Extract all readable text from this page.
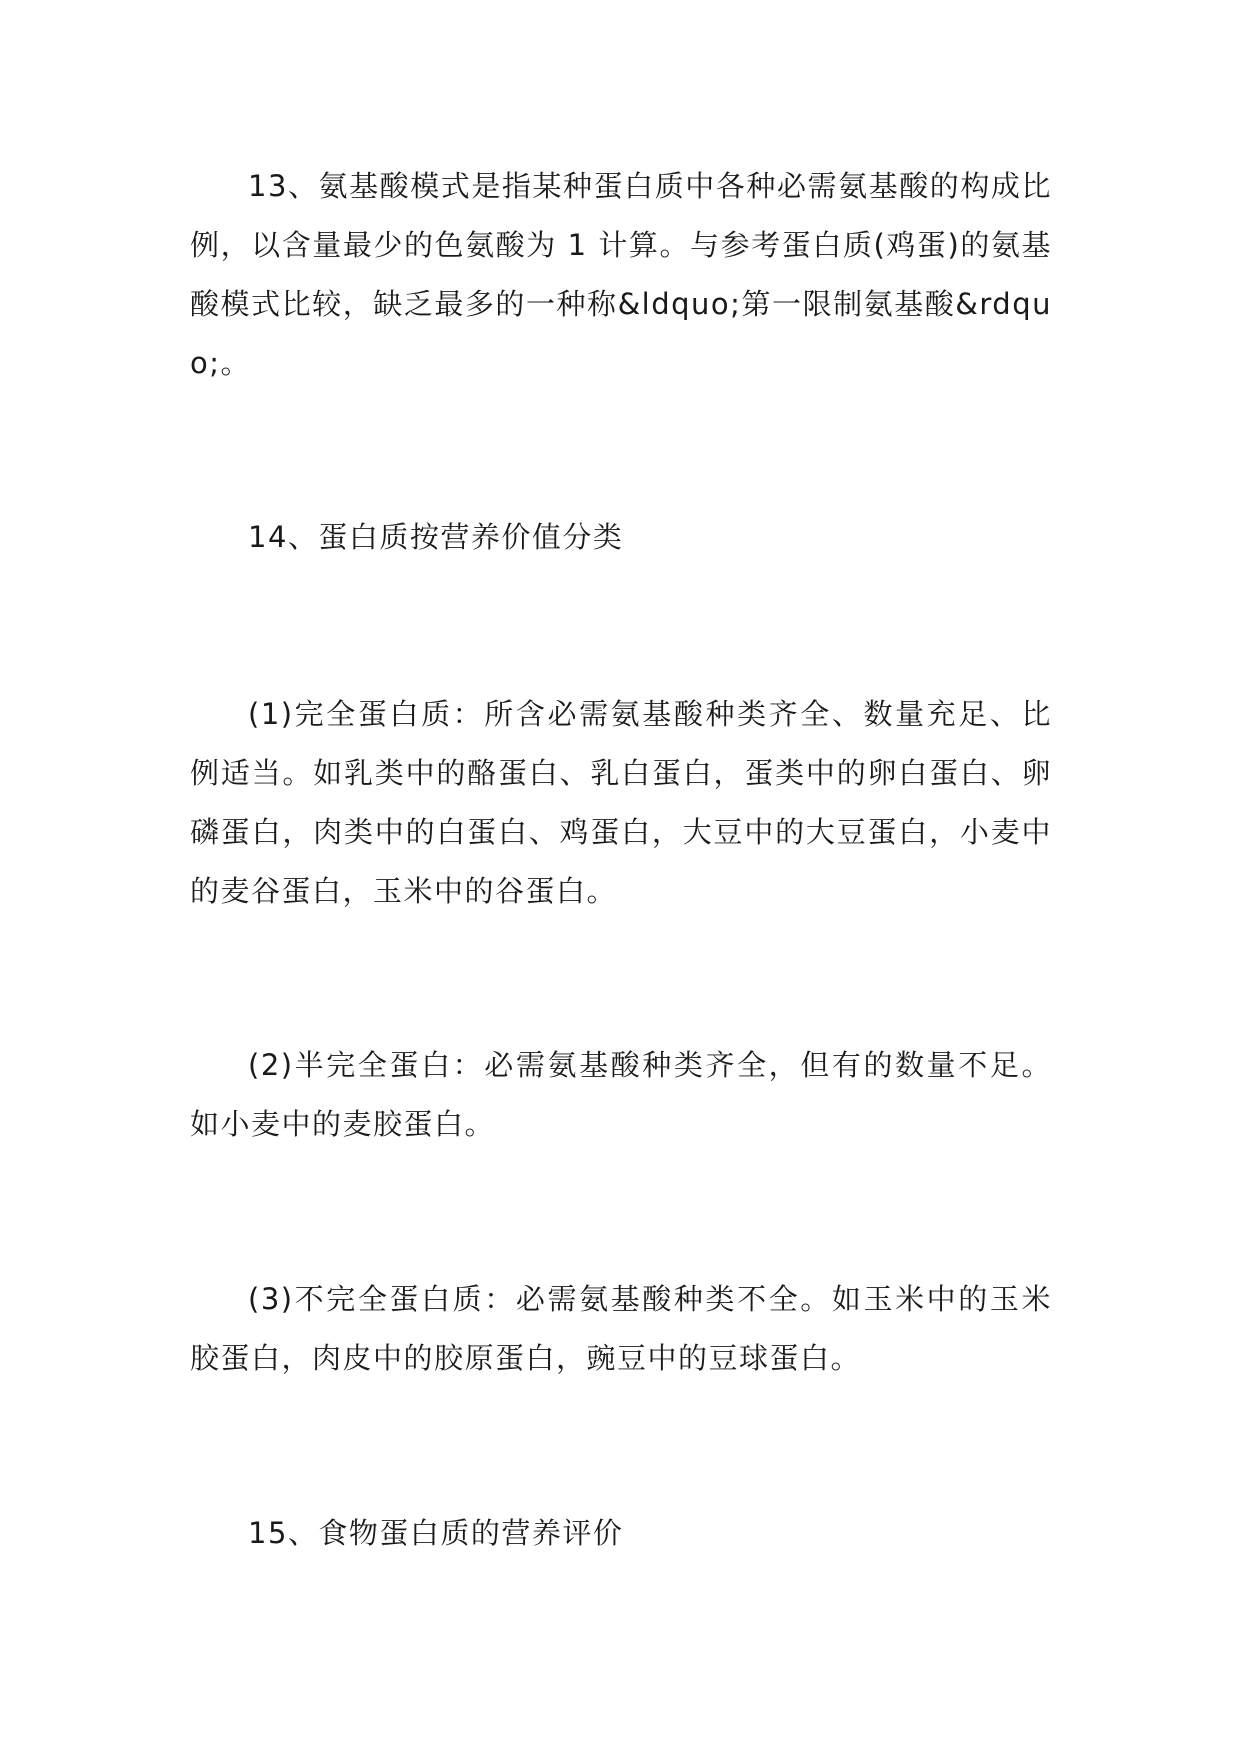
13、氨基酸模式是指某种蛋白质中各种必需氨基酸的构成比例，以含量最少的色氨酸为 1 计算。与参考蛋白质(鸡蛋)的氨基酸模式比较，缺乏最多的一种称&ldquo;第一限制氨基酸&rdquo;。

14、蛋白质按营养价值分类

(1)完全蛋白质：所含必需氨基酸种类齐全、数量充足、比例适当。如乳类中的酪蛋白、乳白蛋白，蛋类中的卵白蛋白、卵磷蛋白，肉类中的白蛋白、鸡蛋白，大豆中的大豆蛋白，小麦中的麦谷蛋白，玉米中的谷蛋白。

(2)半完全蛋白：必需氨基酸种类齐全，但有的数量不足。如小麦中的麦胶蛋白。

(3)不完全蛋白质：必需氨基酸种类不全。如玉米中的玉米胶蛋白，肉皮中的胶原蛋白，豌豆中的豆球蛋白。

15、食物蛋白质的营养评价
